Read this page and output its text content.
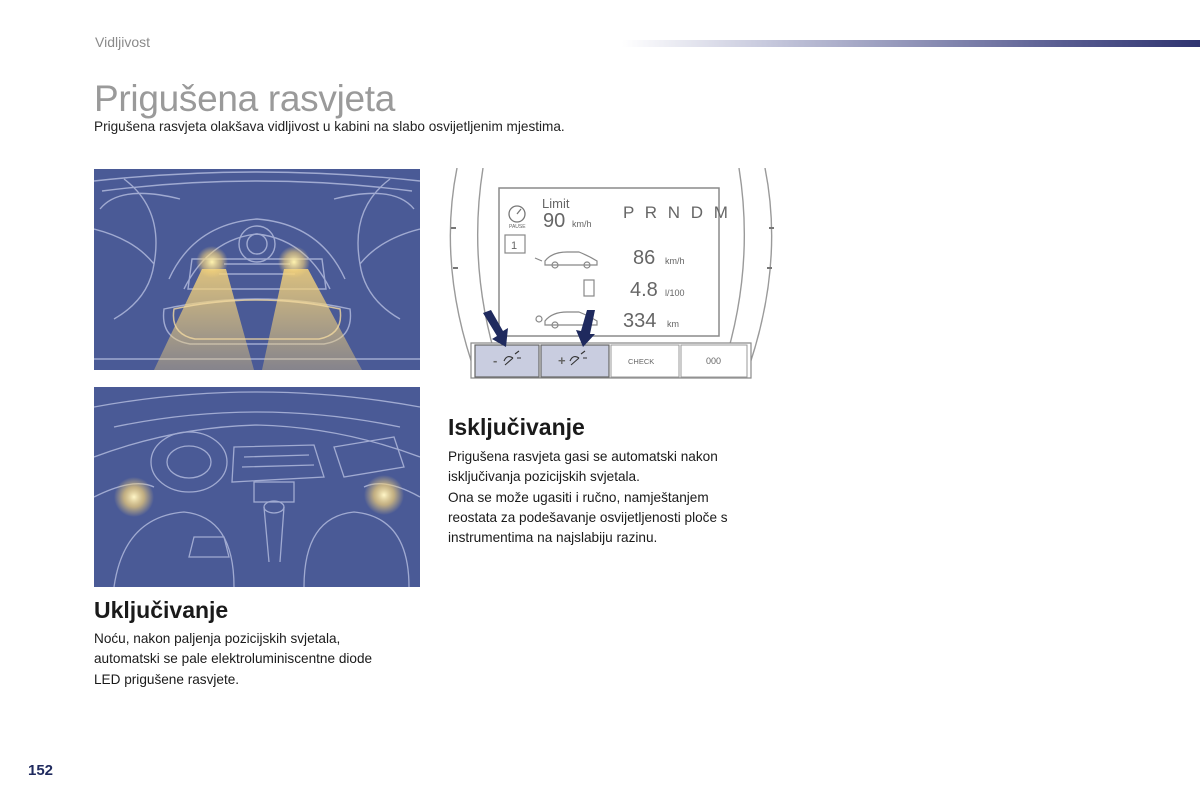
Vidljivost
Prigušena rasvjeta
Prigušena rasvjeta olakšava vidljivost u kabini na slabo osvijetljenim mjestima.
PAUSE
Limit
90 km/h
P R N D M
1
86 km/h
4.8 l/100
334 km
-	+	CHECK	000
Isključivanje
Prigušena rasvjeta gasi se automatski nakon
isključivanja pozicijskih svjetala.
Ona se može ugasiti i ručno, namještanjem
reostata za podešavanje osvijetljenosti ploče s
instrumentima na najslabiju razinu.
Uključivanje
Noću, nakon paljenja pozicijskih svjetala,
automatski se pale elektroluminiscentne diode
LED prigušene rasvjete.
152
